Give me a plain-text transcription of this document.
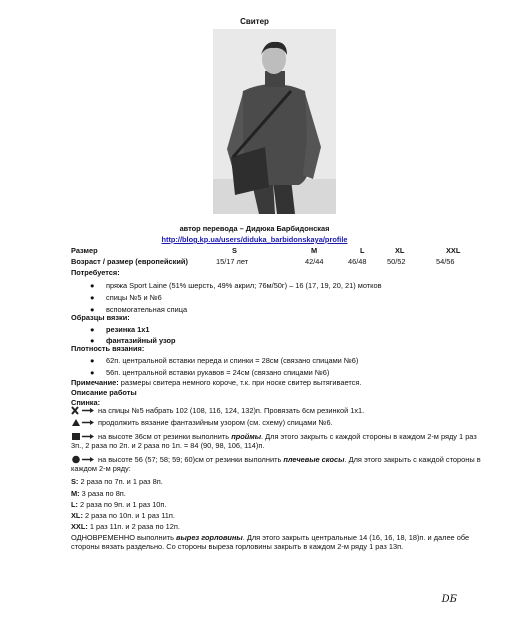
Свитер
автор перевода – Дидюка Барбидонская
http://blog.kp.ua/users/diduka_barbidonskaya/profile
Размер	S	M	L	XL	XXL
Возраст / размер (европейский)	15/17 лет	42/44	46/48	50/52	54/56
Потребуется:
● пряжа Sport Laine (51% шерсть, 49% акрил; 76м/50г) – 16 (17, 19, 20, 21) мотков
● спицы №5 и №6
● вспомогательная спица
Образцы вязки:
● резинка 1х1
● фантазийный узор
Плотность вязания:
● 62п. центральной вставки переда и спинки = 28см (связано спицами №6)
● 56п. центральной вставки рукавов = 24см (связано спицами №6)
Примечание: размеры свитера немного короче, т.к. при носке свитер вытягивается.
Описание работы
Спинка:
на спицы №5 набрать 102 (108, 116, 124, 132)п. Провязать 6см резинкой 1х1.
продолжить вязание фантазийным узором (см. схему) спицами №6.
на высоте 36см от резинки выполнить проймы. Для этого закрыть с каждой стороны в каждом 2-м ряду 1 раз 3п., 2 раза по 2п. и 2 раза по 1п. = 84 (90, 98, 106, 114)п.
на высоте 56 (57; 58; 59; 60)см от резинки выполнить плечевые скосы. Для этого закрыть с каждой стороны в каждом 2-м ряду:
S: 2 раза по 7п. и 1 раз 8п.
M: 3 раза по 8п.
L: 2 раза по 9п. и 1 раз 10п.
XL: 2 раза по 10п. и 1 раз 11п.
XXL: 1 раз 11п. и 2 раза по 12п.
ОДНОВРЕМЕННО выполнить вырез горловины. Для этого закрыть центральные 14 (16, 16, 18, 18)п. и далее обе стороны вязать раздельно. Со стороны выреза горловины закрыть в каждом 2-м ряду 1 раз 13п.
DБ
